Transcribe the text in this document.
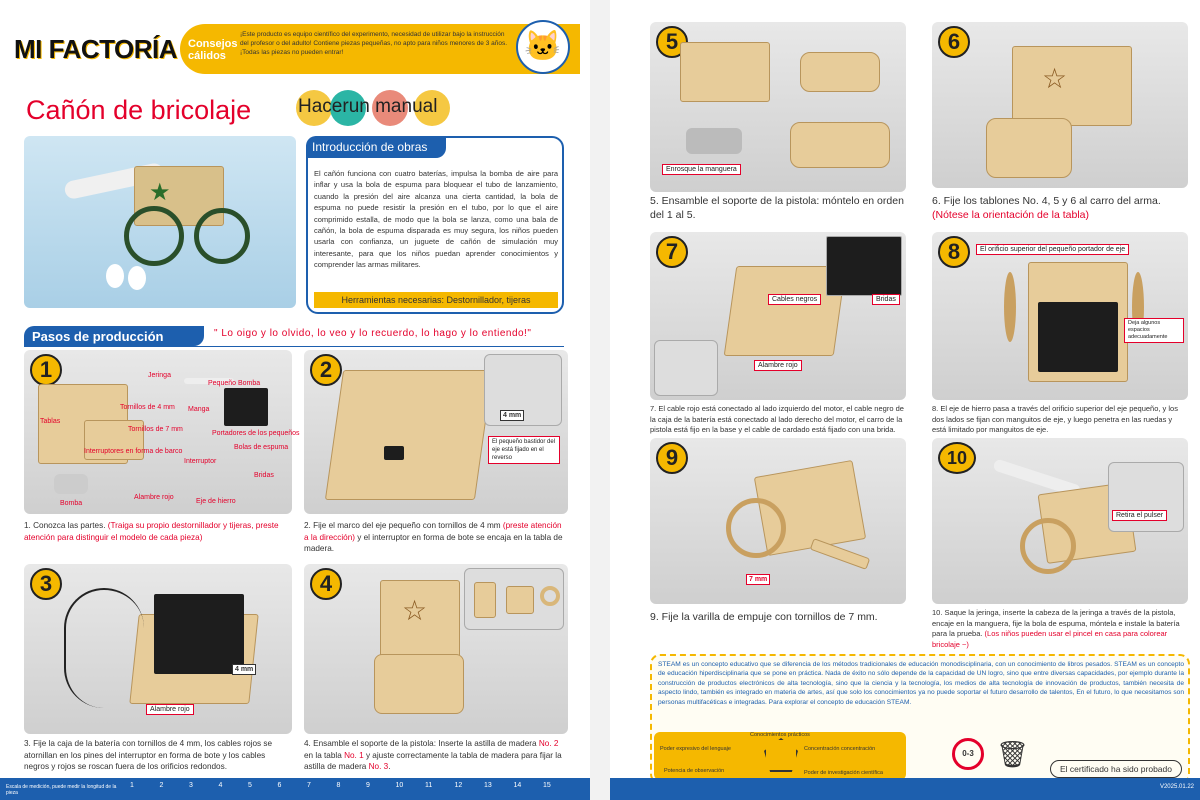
MI FACTORÍA Consejos cálidos
¡Este producto es equipo científico del experimento, necesidad de utilizar bajo la instrucción del profesor o del adulto! Contiene piezas pequeñas, no apto para niños menores de 3 años. ¡Todas las piezas no pueden entrar!	🐱
Cañón de bricolaje Hacerun manual
★
Introducción de obras
El cañón funciona con cuatro baterías, impulsa la bomba de aire para inflar y usa la bola de espuma para bloquear el tubo de lanzamiento, cuando la presión del aire alcanza una cierta cantidad, la bola de espuma no puede resistir la presión en el tubo, por lo que el aire comprimido estalla, de modo que la bola se lanza, como una bala de cañón, la bola de espuma disparada es muy segura, los niños pueden usarla con confianza, un juguete de cañón de simulación muy interesante, para que los niños puedan aprender conocimientos y comprender las armas militares.
Herramientas necesarias: Destornillador, tijeras
Pasos de producción	" Lo oigo y lo olvido, lo veo y lo recuerdo, lo hago y lo entiendo!"
1	Jeringa
Tornillos de 4 mm Manga
Tornillos de 7 mm
Portadores de los pequeños
Interruptores en forma de barco
Pequeño Bomba
Bolas de espuma
Interruptor
Bridas
Alambre rojo
Eje de hierro
Bomba
Tablas
1. Conozca las partes. (Traiga su propio destornillador y tijeras, preste atención para distinguir el modelo de cada pieza)
2
4 mm
El pequeño bastidor del eje está fijado en el reverso
2. Fije el marco del eje pequeño con tornillos de 4 mm (preste atención a la dirección) y el interruptor en forma de bote se encaja en la tabla de madera.
3
4 mm
Alambre rojo
3. Fije la caja de la batería con tornillos de 4 mm, los cables rojos se atornillan en los pines del interruptor en forma de bote y los cables negros y rojos se roscan fuera de los orificios redondos.
4
☆
4. Ensamble el soporte de la pistola: Inserte la astilla de madera No. 2 en la tabla No. 1 y ajuste correctamente la tabla de madera para fijar la astilla de madera No. 3.
Escala de medición, puede medir la longitud de la pieza
1	2	3	4	5	6	7	8	9	10	11	12	13	14	15
5
Enrosque la manguera
5. Ensamble el soporte de la pistola: móntelo en orden del 1 al 5.
6
☆
6. Fije los tablones No. 4, 5 y 6 al carro del arma. (Nótese la orientación de la tabla)
7
Cables negros	Bridas
Alambre rojo
7. El cable rojo está conectado al lado izquierdo del motor, el cable negro de la caja de la batería está conectado al lado derecho del motor, el carro de la pistola está fijo en la base y el cable de cardado está fijado con una brida.
8	El orificio superior del pequeño portador de eje
Deja algunos espacios adecuadamente
8. El eje de hierro pasa a través del orificio superior del eje pequeño, y los dos lados se fijan con manguitos de eje, y luego penetra en las ruedas y está limitado por manguitos de eje.
9
7 mm
9. Fije la varilla de empuje con tornillos de 7 mm.
10
Retira el pulser
10. Saque la jeringa, inserte la cabeza de la jeringa a través de la pistola, encaje en la manguera, fije la bola de espuma, móntela e instale la batería para la prueba. (Los niños pueden usar el pincel en casa para colorear bricolaje ~)
STEAM es un concepto educativo que se diferencia de los métodos tradicionales de educación monodisciplinaria, con un conocimiento de libros pesados. STEAM es un concepto de educación hiperdisciplinaria que se pone en práctica. Nada de éxito no sólo depende de la capacidad de UN logro, sino que entre diversas capacidades, por ejemplo durante la construcción de productos electrónicos de alta tecnología, sino que la ciencia y la tecnología, los medios de alta tecnología de innovación de productos, también necesita de aspecto lindo, también es integrado en materia de artes, así que solo los conocimientos ya no puede soportar el futuro desarrollo de talentos, En el futuro, lo que necesitamos son personas multifacéticas e integradas. Para explorar el concepto de educación STEAM.
Conocimientos prácticos
Poder expresivo del lenguaje	Concentración concentración
Potencia de observación	Poder de investigación científica
0-3 🗑	El certificado ha sido probado
V2025.01.22
